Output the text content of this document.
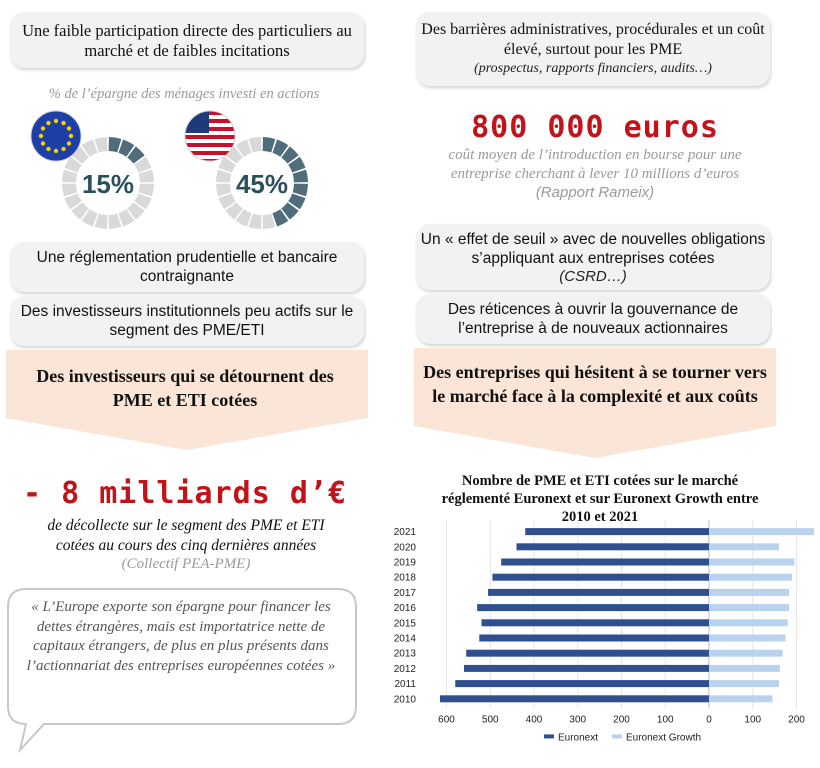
Une faible participation directe des particuliers au marché et de faibles incitations
% de l’épargne des ménages investi en actions
15%	45%
Une réglementation prudentielle et bancaire contraignante
Des investisseurs institutionnels peu actifs sur le segment des PME/ETI
Des investisseurs qui se détournent des PME et ETI cotées
- 8 milliards d’€
de décollecte sur le segment des PME et ETI cotées au cours des cinq dernières années
(Collectif PEA-PME)
« L’Europe exporte son épargne pour financer les dettes étrangères, mais est importatrice nette de capitaux étrangers, de plus en plus présents dans l’actionnariat des entreprises européennes cotées »
Des barrières administratives, procédurales et un coût élevé, surtout pour les PME
(prospectus, rapports financiers, audits…)
800 000 euros
coût moyen de l’introduction en bourse pour une entreprise cherchant à lever 10 millions d’euros
(Rapport Rameix)
Un « effet de seuil » avec de nouvelles obligations s’appliquant aux entreprises cotées
(CSRD…)
Des réticences à ouvrir la gouvernance de l’entreprise à de nouveaux actionnaires
Des entreprises qui hésitent à se tourner vers le marché face à la complexité et aux coûts
Nombre de PME et ETI cotées sur le marché réglementé Euronext et sur Euronext Growth entre 2010 et 2021
2021
2020
2019
2018
2017
2016
2015
2014
2013
2012
2011
2010
600	500	400	300	200	100	0	100	200
Euronext	Euronext Growth
